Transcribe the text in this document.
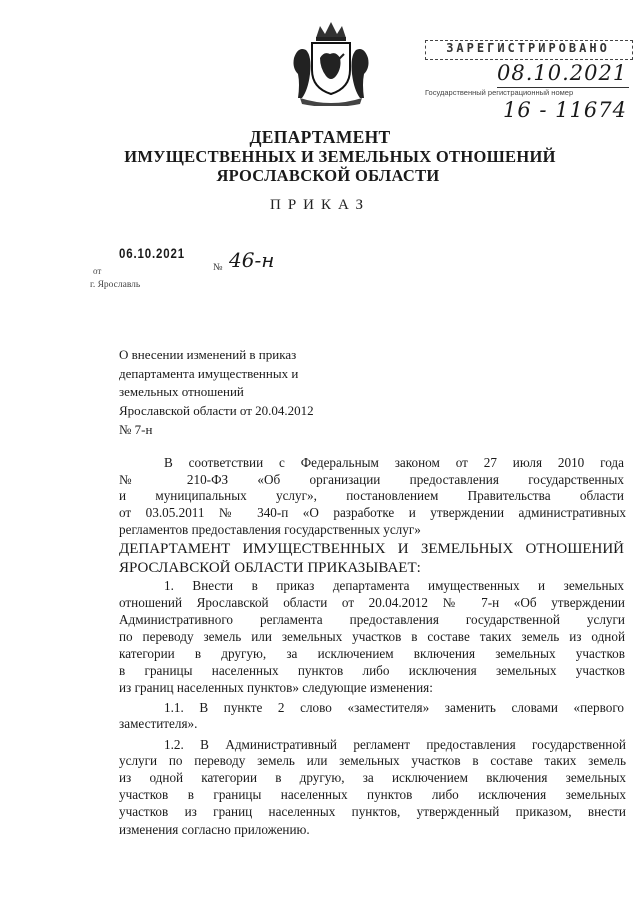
ЗАРЕГИСТРИРОВАНО
08.10.2021
Государственный регистрационный номер
16 - 11674
ДЕПАРТАМЕНТ
ИМУЩЕСТВЕННЫХ И ЗЕМЕЛЬНЫХ ОТНОШЕНИЙ
ЯРОСЛАВСКОЙ ОБЛАСТИ
ПРИКАЗ
от
06.10.2021
№ 46-н
г. Ярославль
О внесении изменений в приказ
департамента имущественных и
земельных отношений
Ярославской области от 20.04.2012
№ 7-н
В соответствии с Федеральным законом от 27 июля 2010 года
№ 210-ФЗ «Об организации предоставления государственных
и муниципальных услуг», постановлением Правительства области
от 03.05.2011 № 340-п «О разработке и утверждении административных
регламентов предоставления государственных услуг»
ДЕПАРТАМЕНТ ИМУЩЕСТВЕННЫХ И ЗЕМЕЛЬНЫХ ОТНОШЕНИЙ
ЯРОСЛАВСКОЙ ОБЛАСТИ ПРИКАЗЫВАЕТ:
1. Внести в приказ департамента имущественных и земельных
отношений Ярославской области от 20.04.2012 № 7-н «Об утверждении
Административного регламента предоставления государственной услуги
по переводу земель или земельных участков в составе таких земель из одной
категории в другую, за исключением включения земельных участков
в границы населенных пунктов либо исключения земельных участков
из границ населенных пунктов» следующие изменения:
1.1. В пункте 2 слово «заместителя» заменить словами «первого
заместителя».
1.2. В Административный регламент предоставления государственной
услуги по переводу земель или земельных участков в составе таких земель
из одной категории в другую, за исключением включения земельных
участков в границы населенных пунктов либо исключения земельных
участков из границ населенных пунктов, утвержденный приказом, внести
изменения согласно приложению.
